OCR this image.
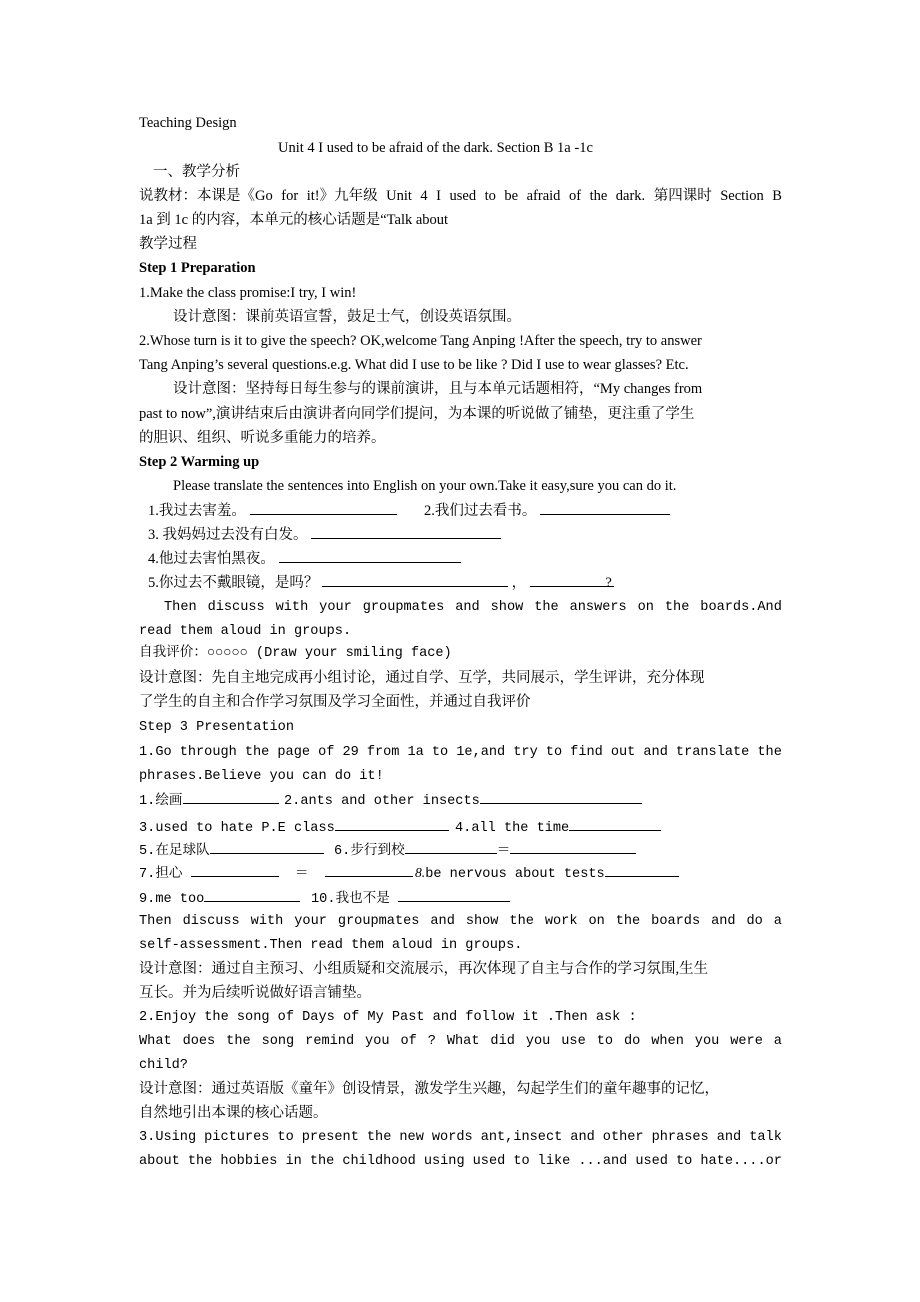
Teaching Design
Unit 4 I used to be afraid of the dark. Section B 1a -1c
一、教学分析
说教材：本课是《Go for it!》九年级 Unit 4 I used to be afraid of the dark. 第四课时 Section B
1a 到 1c 的内容，本单元的核心话题是“Talk about
教学过程
Step 1 Preparation
1.Make the class promise:I try, I win!
设计意图：课前英语宣誓，鼓足士气，创设英语氛围。
2.Whose turn is it to give the speech? OK,welcome Tang Anping !After the speech, try to answer
Tang Anping’s several questions.e.g. What did I use to be like ? Did I use to wear glasses? Etc.
设计意图：坚持每日每生参与的课前演讲，且与本单元话题相符，“My changes from
past to now”,演讲结束后由演讲者向同学们提问，为本课的听说做了铺垫，更注重了学生
的胆识、组织、听说多重能力的培养。
Step 2 Warming up
Please translate the sentences into English on your own.Take it easy,sure you can do it.
1.我过去害羞。	2.我们过去看书。
3. 我妈妈过去没有白发。
4.他过去害怕黑夜。
5.你过去不戴眼镜，是吗？	，	?
Then discuss with your groupmates and show the answers on the boards.And
read them aloud in groups.
自我评价：○○○○○ (Draw your smiling face)
设计意图：先自主地完成再小组讨论，通过自学、互学，共同展示，学生评讲，充分体现
了学生的自主和合作学习氛围及学习全面性，并通过自我评价
Step 3 Presentation
1.Go through the page of 29 from 1a to 1e,and try to find out and translate the
phrases.Believe you can do it!
1.绘画	2.ants and other insects
3.used to hate P.E class	4.all the time
5.在足球队	6.步行到校	＝
7.担心	＝	8.be nervous about tests
9.me too	10.我也不是
Then discuss with your groupmates and show the work on the boards and do a
self-assessment.Then read them aloud in groups.
设计意图：通过自主预习、小组质疑和交流展示，再次体现了自主与合作的学习氛围,生生
互长。并为后续听说做好语言铺垫。
2.Enjoy the song of Days of My Past and follow it .Then ask :
What does the song remind you of ? What did you use to do when you were a
child?
设计意图：通过英语版《童年》创设情景，激发学生兴趣，勾起学生们的童年趣事的记忆，
自然地引出本课的核心话题。
3.Using pictures to present the new words ant,insect and other phrases and talk
about the hobbies in the childhood using used to like ...and used to hate....or
